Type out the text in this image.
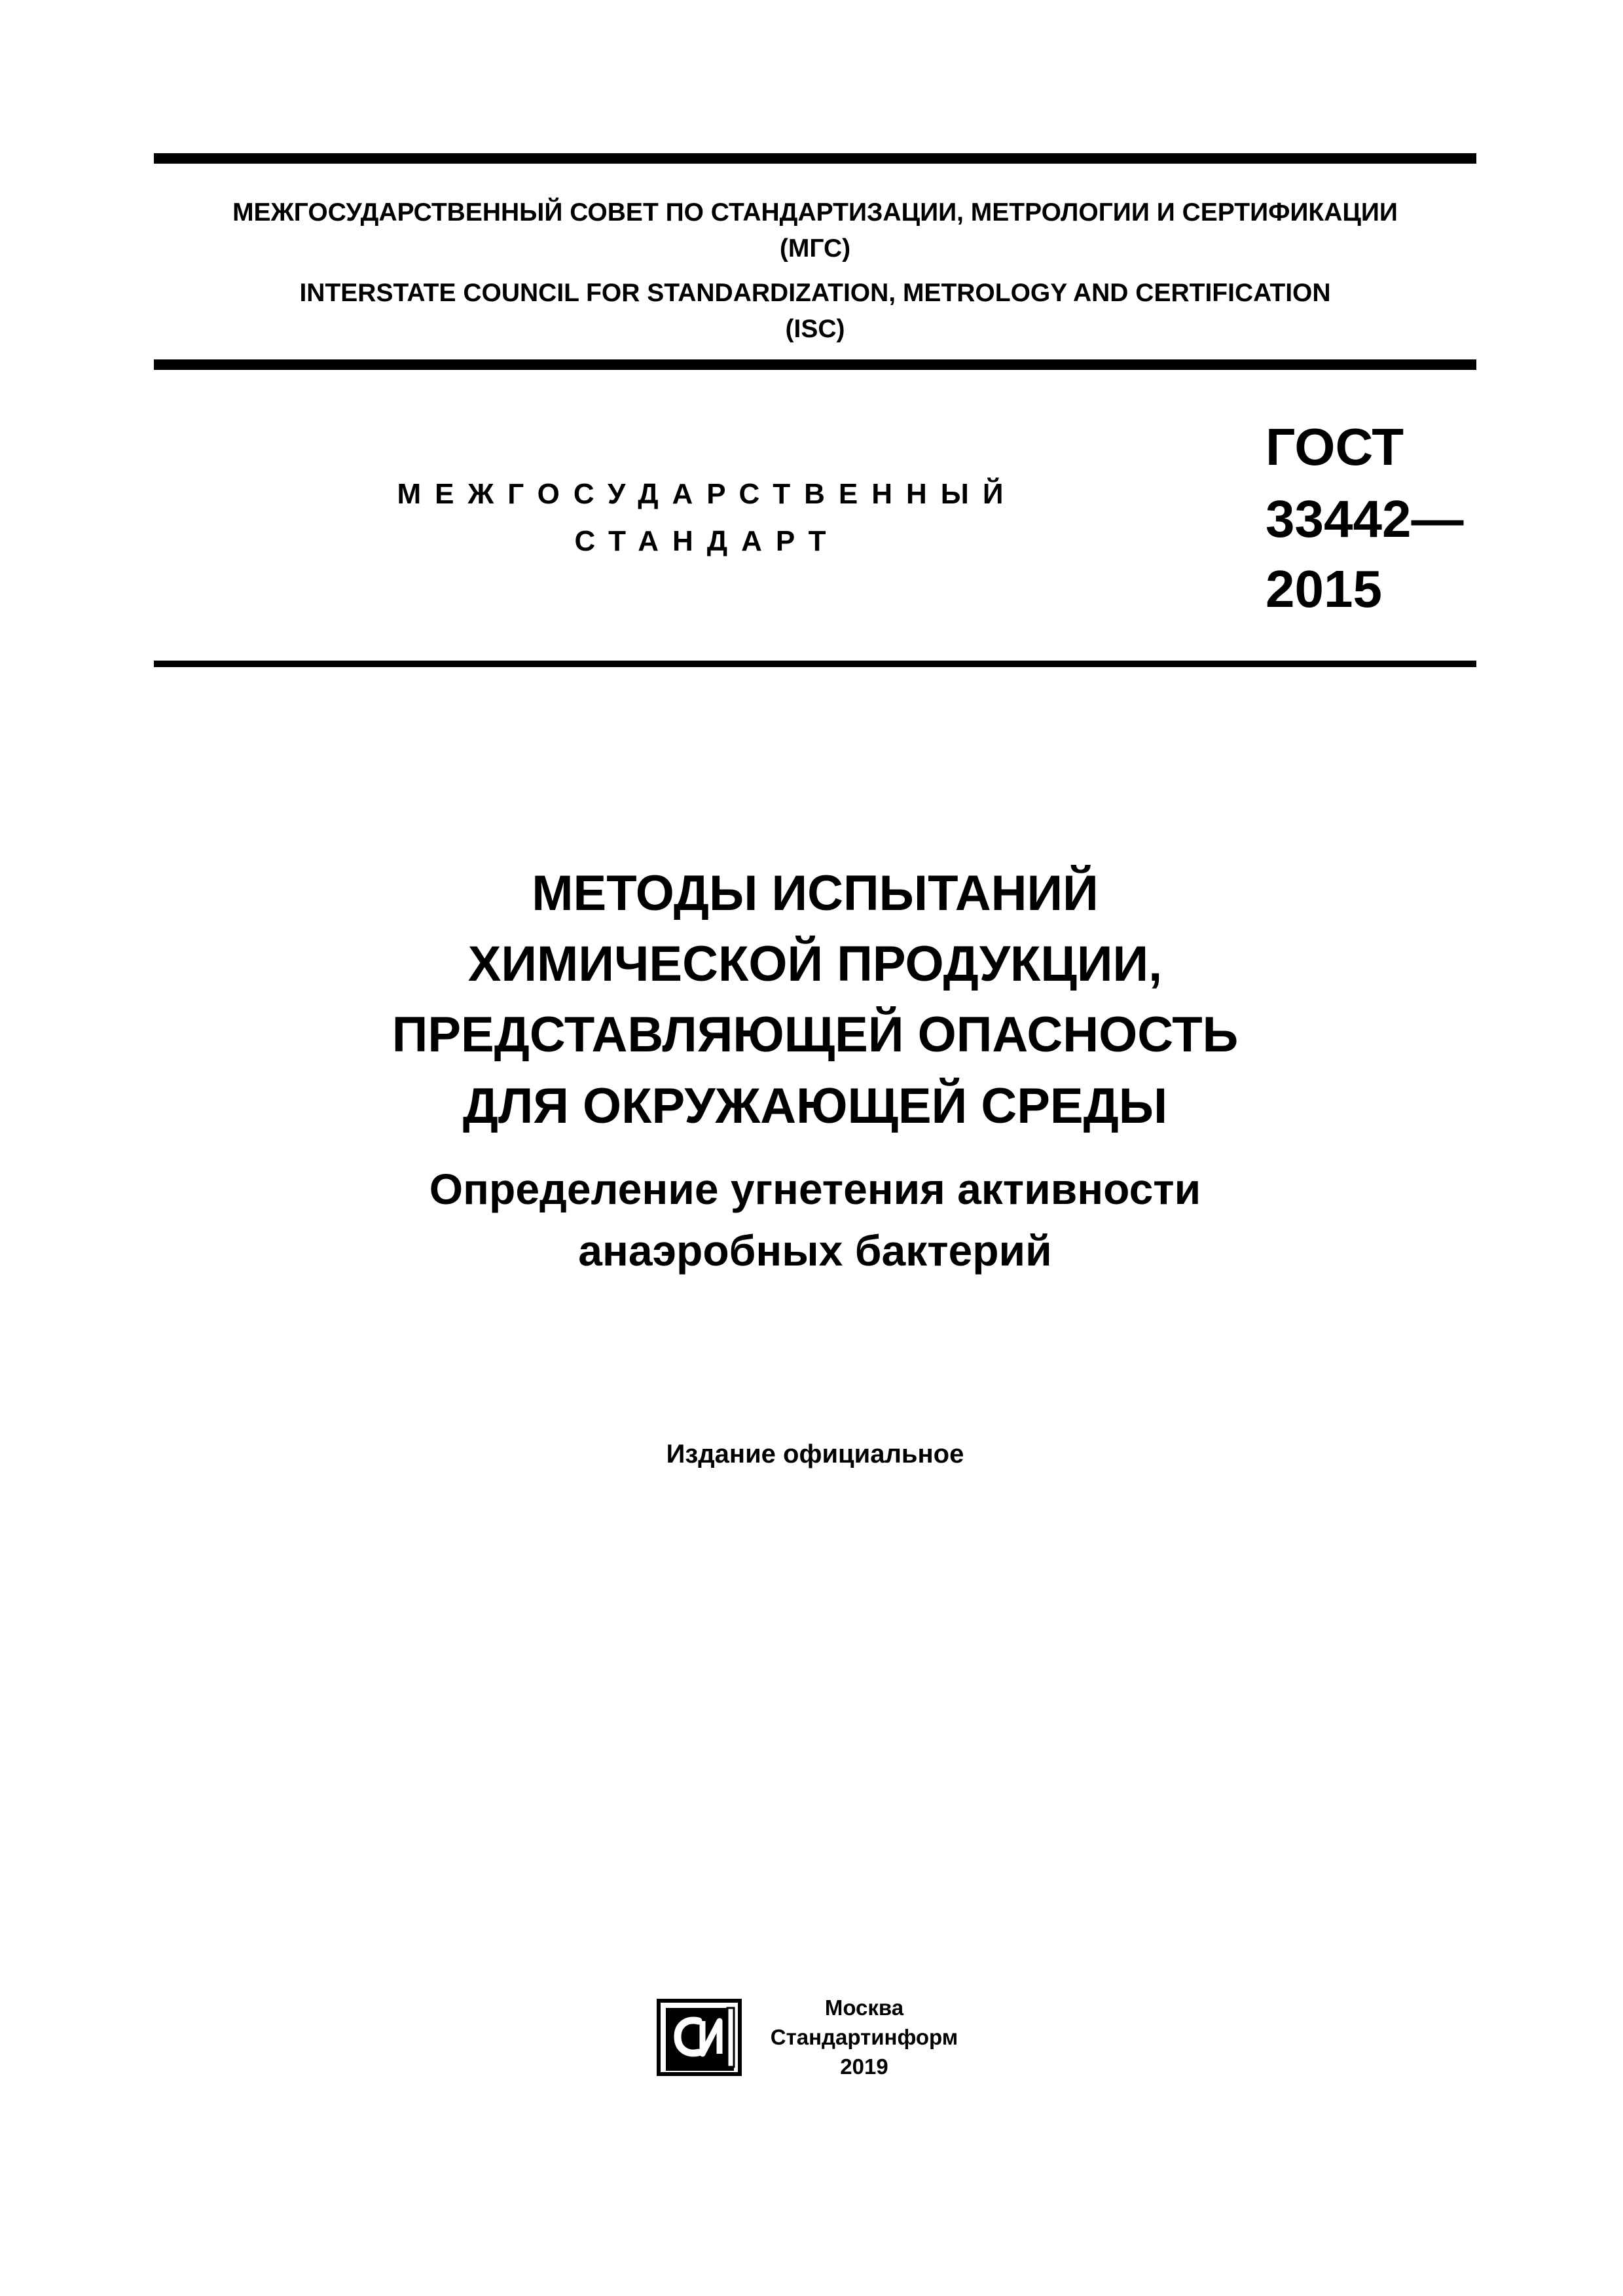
МЕЖГОСУДАРСТВЕННЫЙ СОВЕТ ПО СТАНДАРТИЗАЦИИ, МЕТРОЛОГИИ И СЕРТИФИКАЦИИ
(МГС)
INTERSTATE COUNCIL FOR STANDARDIZATION, METROLOGY AND CERTIFICATION
(ISC)
МЕЖГОСУДАРСТВЕННЫЙ
СТАНДАРТ
ГОСТ
33442—
2015
МЕТОДЫ ИСПЫТАНИЙ
ХИМИЧЕСКОЙ ПРОДУКЦИИ,
ПРЕДСТАВЛЯЮЩЕЙ ОПАСНОСТЬ
ДЛЯ ОКРУЖАЮЩЕЙ СРЕДЫ
Определение угнетения активности
анаэробных бактерий
Издание официальное
Москва
Стандартинформ
2019
